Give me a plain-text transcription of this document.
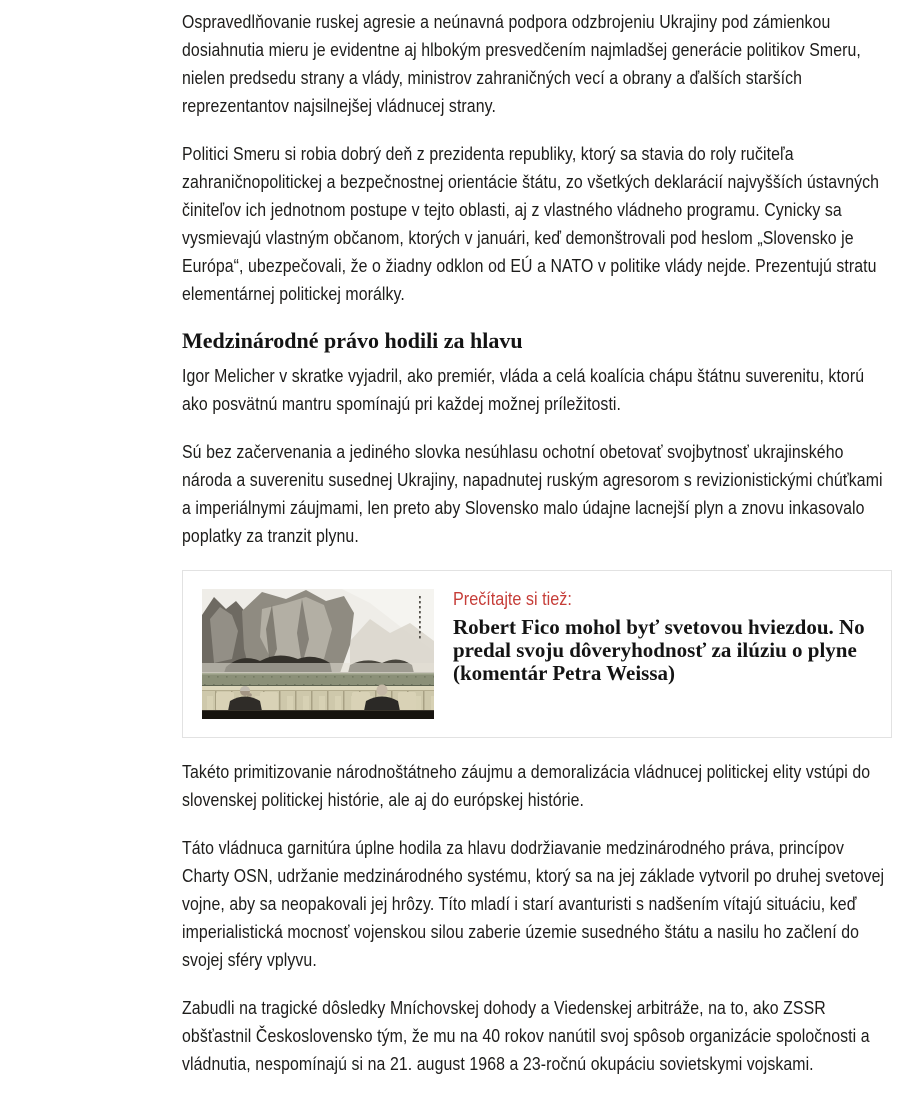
Ospravedlňovanie ruskej agresie a neúnavná podpora odzbrojeniu Ukrajiny pod zámienkou dosiahnutia mieru je evidentne aj hlbokým presvedčením najmladšej generácie politikov Smeru, nielen predsedu strany a vlády, ministrov zahraničných vecí a obrany a ďalších starších reprezentantov najsilnejšej vládnucej strany.

Politici Smeru si robia dobrý deň z prezidenta republiky, ktorý sa stavia do roly ručiteľa zahraničnopolitickej a bezpečnostnej orientácie štátu, zo všetkých deklarácií najvyšších ústavných činiteľov ich jednotnom postupe v tejto oblasti, aj z vlastného vládneho programu. Cynicky sa vysmievajú vlastným občanom, ktorých v januári, keď demonštrovali pod heslom „Slovensko je Európa“, ubezpečovali, že o žiadny odklon od EÚ a NATO v politike vlády nejde. Prezentujú stratu elementárnej politickej morálky.

Medzinárodné právo hodili za hlavu

Igor Melicher v skratke vyjadril, ako premiér, vláda a celá koalícia chápu štátnu suverenitu, ktorú ako posvätnú mantru spomínajú pri každej možnej príležitosti.

Sú bez začervenania a jediného slovka nesúhlasu ochotní obetovať svojbytnosť ukrajinského národa a suverenitu susednej Ukrajiny, napadnutej ruským agresorom s revizionistickými chúťkami a imperiálnymi záujmami, len preto aby Slovensko malo údajne lacnejší plyn a znovu inkasovalo poplatky za tranzit plynu.

Prečítajte si tiež:
Robert Fico mohol byť svetovou hviezdou. No predal svoju dôveryhodnosť za ilúziu o plyne (komentár Petra Weissa)

Takéto primitizovanie národnoštátneho záujmu a demoralizácia vládnucej politickej elity vstúpi do slovenskej politickej histórie, ale aj do európskej histórie.

Táto vládnuca garnitúra úplne hodila za hlavu dodržiavanie medzinárodného práva, princípov Charty OSN, udržanie medzinárodného systému, ktorý sa na jej základe vytvoril po druhej svetovej vojne, aby sa neopakovali jej hrôzy. Títo mladí i starí avanturisti s nadšením vítajú situáciu, keď imperialistická mocnosť vojenskou silou zaberie územie susedného štátu a nasilu ho začlení do svojej sféry vplyvu.

Zabudli na tragické dôsledky Mníchovskej dohody a Viedenskej arbitráže, na to, ako ZSSR obšťastnil Československo tým, že mu na 40 rokov nanútil svoj spôsob organizácie spoločnosti a vládnutia, nespomínajú si na 21. august 1968 a 23-ročnú okupáciu sovietskymi vojskami.
